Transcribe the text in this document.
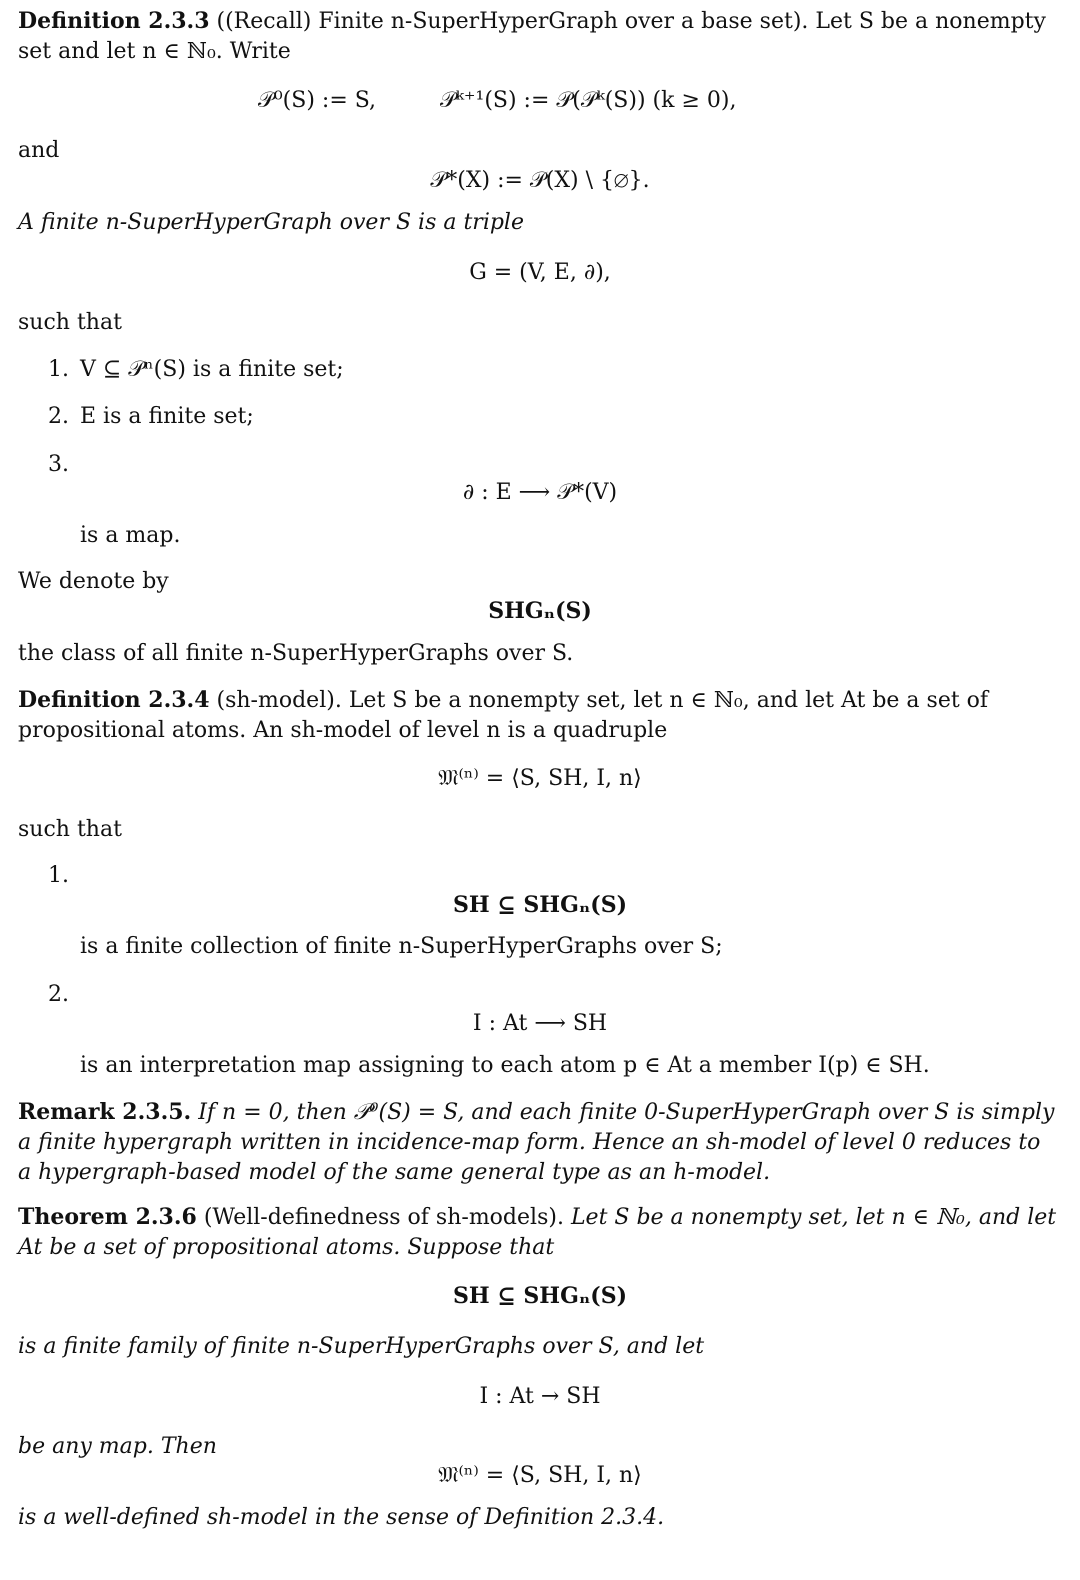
Definition 2.3.3 ((Recall) Finite n-SuperHyperGraph over a base set). Let S be a nonempty set and let n ∈ ℕ₀. Write
𝒫⁰(S) := S,	𝒫ᵏ⁺¹(S) := 𝒫(𝒫ᵏ(S)) (k ≥ 0),
and
𝒫*(X) := 𝒫(X) \ {∅}.
A finite n-SuperHyperGraph over S is a triple
G = (V, E, ∂),
such that
1. V ⊆ 𝒫ⁿ(S) is a finite set;
2. E is a finite set;
3.
∂ : E ⟶ 𝒫*(V)
is a map.
We denote by
SHGₙ(S)
the class of all finite n-SuperHyperGraphs over S.
Definition 2.3.4 (sh-model). Let S be a nonempty set, let n ∈ ℕ₀, and let At be a set of propositional atoms. An sh-model of level n is a quadruple
𝔐⁽ⁿ⁾ = ⟨S, SH, I, n⟩
such that
1.
SH ⊆ SHGₙ(S)
is a finite collection of finite n-SuperHyperGraphs over S;
2.
I : At ⟶ SH
is an interpretation map assigning to each atom p ∈ At a member I(p) ∈ SH.
Remark 2.3.5. If n = 0, then 𝒫⁰(S) = S, and each finite 0-SuperHyperGraph over S is simply a finite hypergraph written in incidence-map form. Hence an sh-model of level 0 reduces to a hypergraph-based model of the same general type as an h-model.
Theorem 2.3.6 (Well-definedness of sh-models). Let S be a nonempty set, let n ∈ ℕ₀, and let At be a set of propositional atoms. Suppose that
SH ⊆ SHGₙ(S)
is a finite family of finite n-SuperHyperGraphs over S, and let
I : At → SH
be any map. Then
𝔐⁽ⁿ⁾ = ⟨S, SH, I, n⟩
is a well-defined sh-model in the sense of Definition 2.3.4.
